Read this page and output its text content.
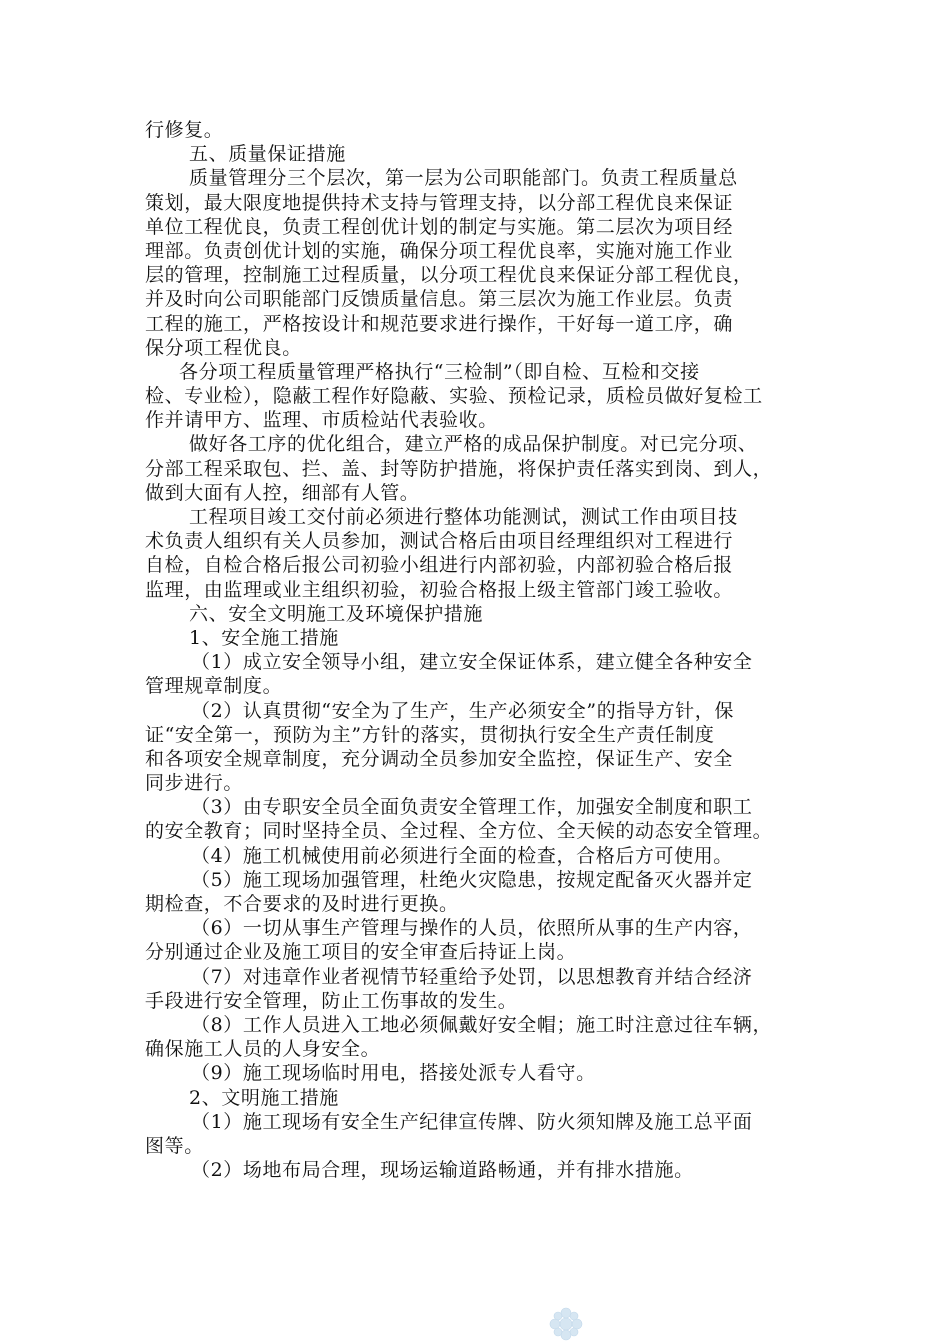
行修复。
五、质量保证措施
质量管理分三个层次，第一层为公司职能部门。负责工程质量总
策划，最大限度地提供持术支持与管理支持，以分部工程优良来保证
单位工程优良，负责工程创优计划的制定与实施。第二层次为项目经
理部。负责创优计划的实施，确保分项工程优良率，实施对施工作业
层的管理，控制施工过程质量，以分项工程优良来保证分部工程优良，
并及时向公司职能部门反馈质量信息。第三层次为施工作业层。负责
工程的施工，严格按设计和规范要求进行操作，干好每一道工序，确
保分项工程优良。
各分项工程质量管理严格执行“三检制”（即自检、互检和交接
检、专业检），隐蔽工程作好隐蔽、实验、预检记录，质检员做好复检工
作并请甲方、监理、市质检站代表验收。
做好各工序的优化组合，建立严格的成品保护制度。对已完分项、
分部工程采取包、拦、盖、封等防护措施，将保护责任落实到岗、到人，
做到大面有人控，细部有人管。
工程项目竣工交付前必须进行整体功能测试，测试工作由项目技
术负责人组织有关人员参加，测试合格后由项目经理组织对工程进行
自检，自检合格后报公司初验小组进行内部初验，内部初验合格后报
监理，由监理或业主组织初验，初验合格报上级主管部门竣工验收。
六、安全文明施工及环境保护措施
1、安全施工措施
（1）成立安全领导小组，建立安全保证体系，建立健全各种安全
管理规章制度。
（2）认真贯彻“安全为了生产，生产必须安全”的指导方针，保
证“安全第一，预防为主”方针的落实，贯彻执行安全生产责任制度
和各项安全规章制度，充分调动全员参加安全监控，保证生产、安全
同步进行。
（3）由专职安全员全面负责安全管理工作，加强安全制度和职工
的安全教育；同时坚持全员、全过程、全方位、全天候的动态安全管理。
（4）施工机械使用前必须进行全面的检查，合格后方可使用。
（5）施工现场加强管理，杜绝火灾隐患，按规定配备灭火器并定
期检查，不合要求的及时进行更换。
（6）一切从事生产管理与操作的人员，依照所从事的生产内容，
分别通过企业及施工项目的安全审查后持证上岗。
（7）对违章作业者视情节轻重给予处罚，以思想教育并结合经济
手段进行安全管理，防止工伤事故的发生。
（8）工作人员进入工地必须佩戴好安全帽；施工时注意过往车辆，
确保施工人员的人身安全。
（9）施工现场临时用电，搭接处派专人看守。
2、文明施工措施
（1）施工现场有安全生产纪律宣传牌、防火须知牌及施工总平面
图等。
（2）场地布局合理，现场运输道路畅通，并有排水措施。
